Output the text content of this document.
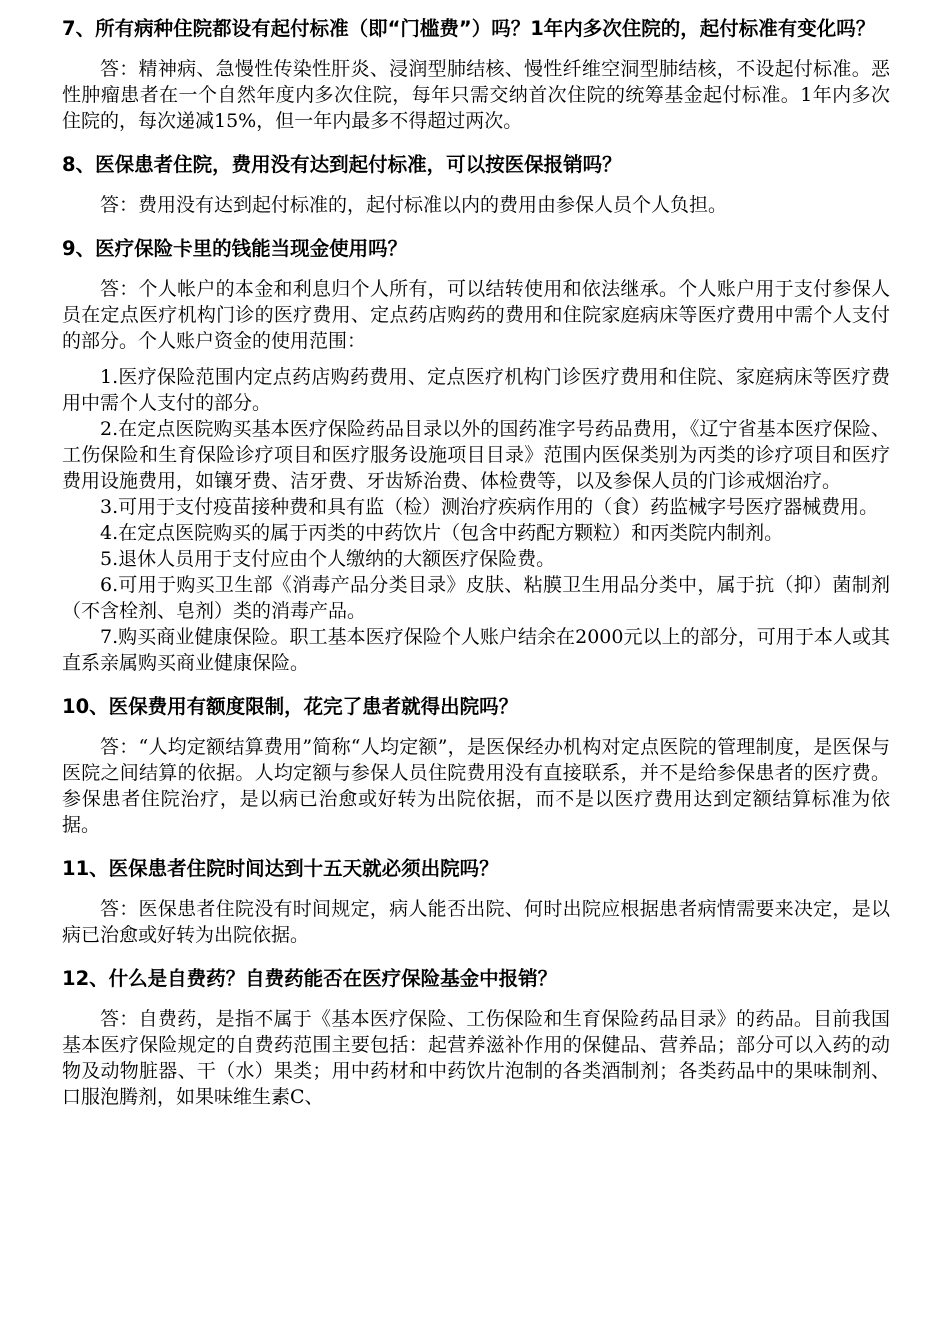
7、所有病种住院都设有起付标准（即“门槛费”）吗？1年内多次住院的，起付标准有变化吗？

答：精神病、急慢性传染性肝炎、浸润型肺结核、慢性纤维空洞型肺结核，不设起付标准。恶性肿瘤患者在一个自然年度内多次住院，每年只需交纳首次住院的统筹基金起付标准。1年内多次住院的，每次递减15%，但一年内最多不得超过两次。

8、医保患者住院，费用没有达到起付标准，可以按医保报销吗？

答：费用没有达到起付标准的，起付标准以内的费用由参保人员个人负担。

9、医疗保险卡里的钱能当现金使用吗？

答：个人帐户的本金和利息归个人所有，可以结转使用和依法继承。个人账户用于支付参保人员在定点医疗机构门诊的医疗费用、定点药店购药的费用和住院家庭病床等医疗费用中需个人支付的部分。个人账户资金的使用范围：

1.医疗保险范围内定点药店购药费用、定点医疗机构门诊医疗费用和住院、家庭病床等医疗费用中需个人支付的部分。

2.在定点医院购买基本医疗保险药品目录以外的国药准字号药品费用，《辽宁省基本医疗保险、工伤保险和生育保险诊疗项目和医疗服务设施项目目录》范围内医保类别为丙类的诊疗项目和医疗费用设施费用，如镶牙费、洁牙费、牙齿矫治费、体检费等，以及参保人员的门诊戒烟治疗。

3.可用于支付疫苗接种费和具有监（检）测治疗疾病作用的（食）药监械字号医疗器械费用。

4.在定点医院购买的属于丙类的中药饮片（包含中药配方颗粒）和丙类院内制剂。

5.退休人员用于支付应由个人缴纳的大额医疗保险费。

6.可用于购买卫生部《消毒产品分类目录》皮肤、粘膜卫生用品分类中，属于抗（抑）菌制剂（不含栓剂、皂剂）类的消毒产品。

7.购买商业健康保险。职工基本医疗保险个人账户结余在2000元以上的部分，可用于本人或其直系亲属购买商业健康保险。

10、医保费用有额度限制，花完了患者就得出院吗？

答：“人均定额结算费用”简称“人均定额”，是医保经办机构对定点医院的管理制度，是医保与医院之间结算的依据。人均定额与参保人员住院费用没有直接联系，并不是给参保患者的医疗费。参保患者住院治疗，是以病已治愈或好转为出院依据，而不是以医疗费用达到定额结算标准为依据。

11、医保患者住院时间达到十五天就必须出院吗？

答：医保患者住院没有时间规定，病人能否出院、何时出院应根据患者病情需要来决定，是以病已治愈或好转为出院依据。

12、什么是自费药？自费药能否在医疗保险基金中报销？

答：自费药，是指不属于《基本医疗保险、工伤保险和生育保险药品目录》的药品。目前我国基本医疗保险规定的自费药范围主要包括：起营养滋补作用的保健品、营养品；部分可以入药的动物及动物脏器、干（水）果类；用中药材和中药饮片泡制的各类酒制剂；各类药品中的果味制剂、口服泡腾剂，如果味维生素C、
